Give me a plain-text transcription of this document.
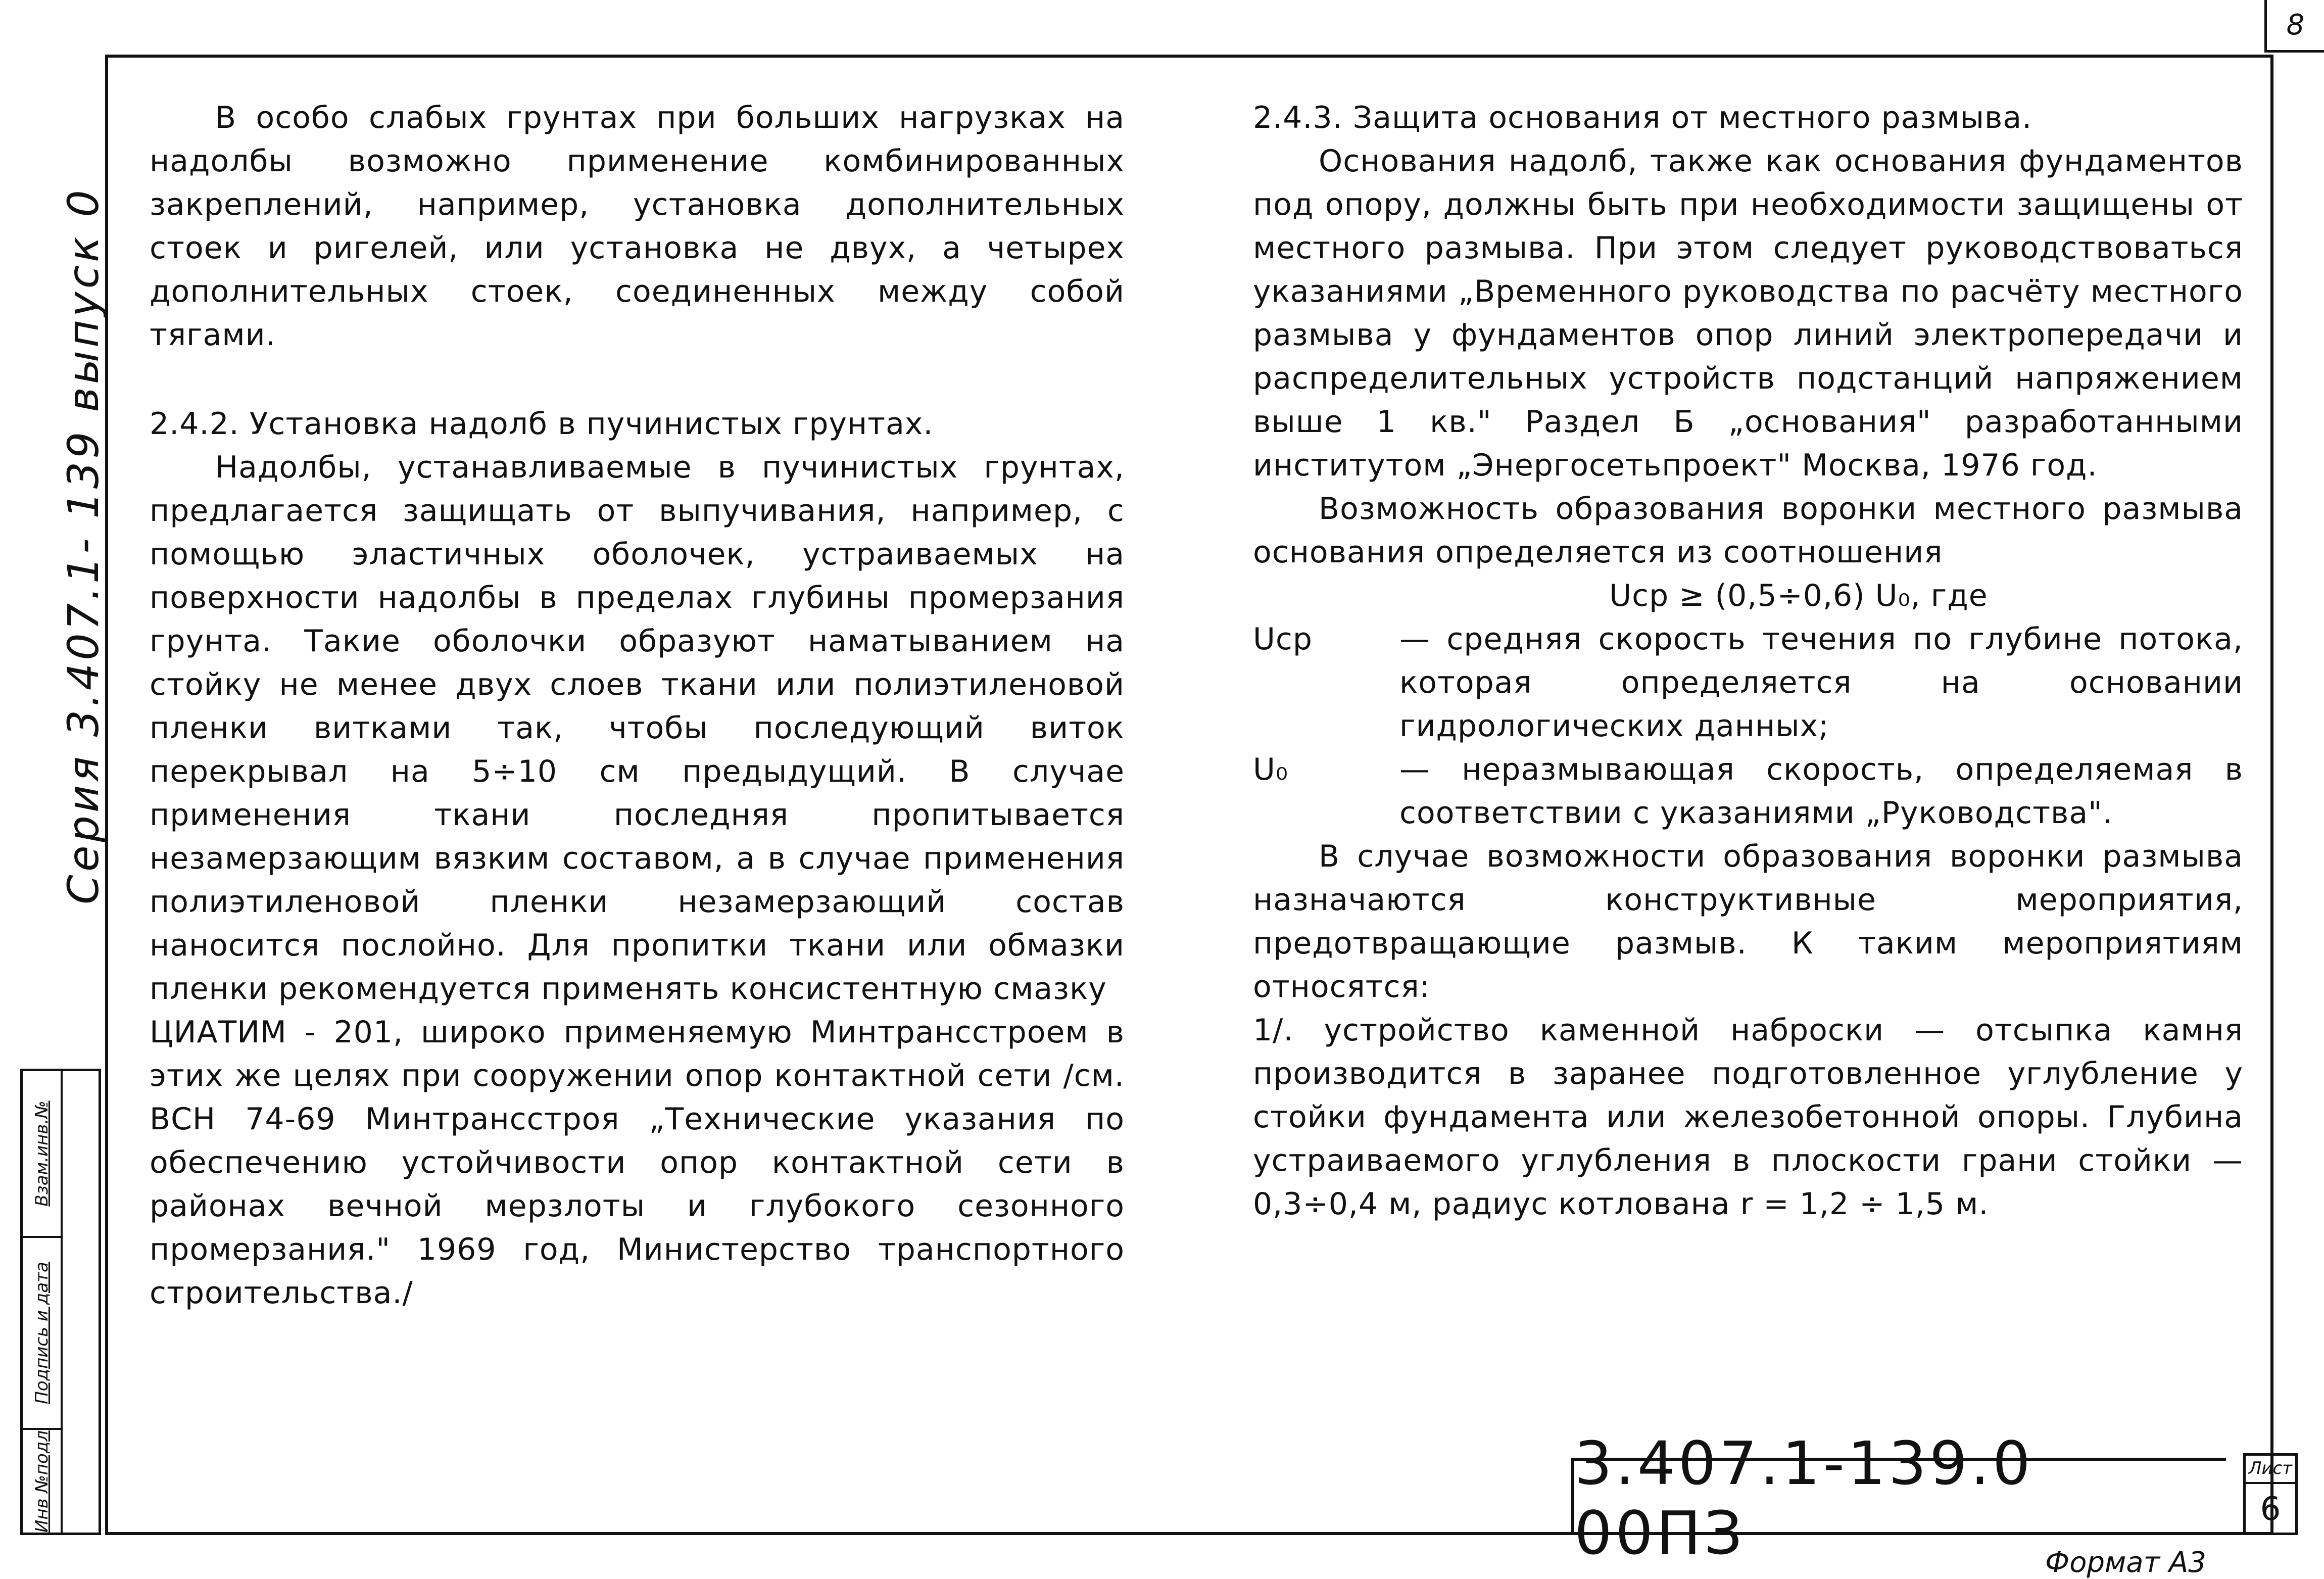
8
Серия 3.407.1- 139 выпуск 0
Взам.инв.№
Подпись и дата
Инв №подл

В особо слабых грунтах при больших нагрузках на надолбы возможно применение комбинированных закреплений, например, установка дополнительных стоек и ригелей, или установка не двух, а четырех дополнительных стоек, соединенных между собой тягами.

2.4.2. Установка надолб в пучинистых грунтах.

Надолбы, устанавливаемые в пучинистых грунтах, предлагается защищать от выпучивания, например, с помощью эластичных оболочек, устраиваемых на поверхности надолбы в пределах глубины промерзания грунта. Такие оболочки образуют наматыванием на стойку не менее двух слоев ткани или полиэтиленовой пленки витками так, чтобы последующий виток перекрывал на 5÷10 см предыдущий. В случае применения ткани последняя пропитывается незамерзающим вязким составом, а в случае применения полиэтиленовой пленки незамерзающий состав наносится послойно. Для пропитки ткани или обмазки пленки рекомендуется применять консистентную смазку

ЦИАТИМ - 201, широко применяемую Минтрансстроем в этих же целях при сооружении опор контактной сети /см. ВСН 74-69 Минтрансстроя „Технические указания по обеспечению устойчивости опор контактной сети в районах вечной мерзлоты и глубокого сезонного промерзания." 1969 год, Министерство транспортного строительства./

2.4.3. Защита основания от местного размыва.

Основания надолб, также как основания фундаментов под опору, должны быть при необходимости защищены от местного размыва. При этом следует руководствоваться указаниями „Временного руководства по расчёту местного размыва у фундаментов опор линий электропередачи и распределительных устройств подстанций напряжением выше 1 кв." Раздел Б „основания" разработанными институтом „Энергосетьпроект" Москва, 1976 год.

Возможность образования воронки местного размыва основания определяется из соотношения

Uср ≥ (0,5÷0,6) U₀, где

Uср	— средняя скорость течения по глубине потока, которая определяется на основании гидрологических данных;
U₀	— неразмывающая скорость, определяемая в соответствии с указаниями „Руководства".

В случае возможности образования воронки размыва назначаются конструктивные мероприятия, предотвращающие размыв. К таким мероприятиям относятся:

1/. устройство каменной наброски — отсыпка камня производится в заранее подготовленное углубление у стойки фундамента или железобетонной опоры. Глубина устраиваемого углубления в плоскости грани стойки — 0,3÷0,4 м, радиус котлована r = 1,2 ÷ 1,5 м.

3.407.1-139.0 00ПЗ
Лист
6
Формат А3
